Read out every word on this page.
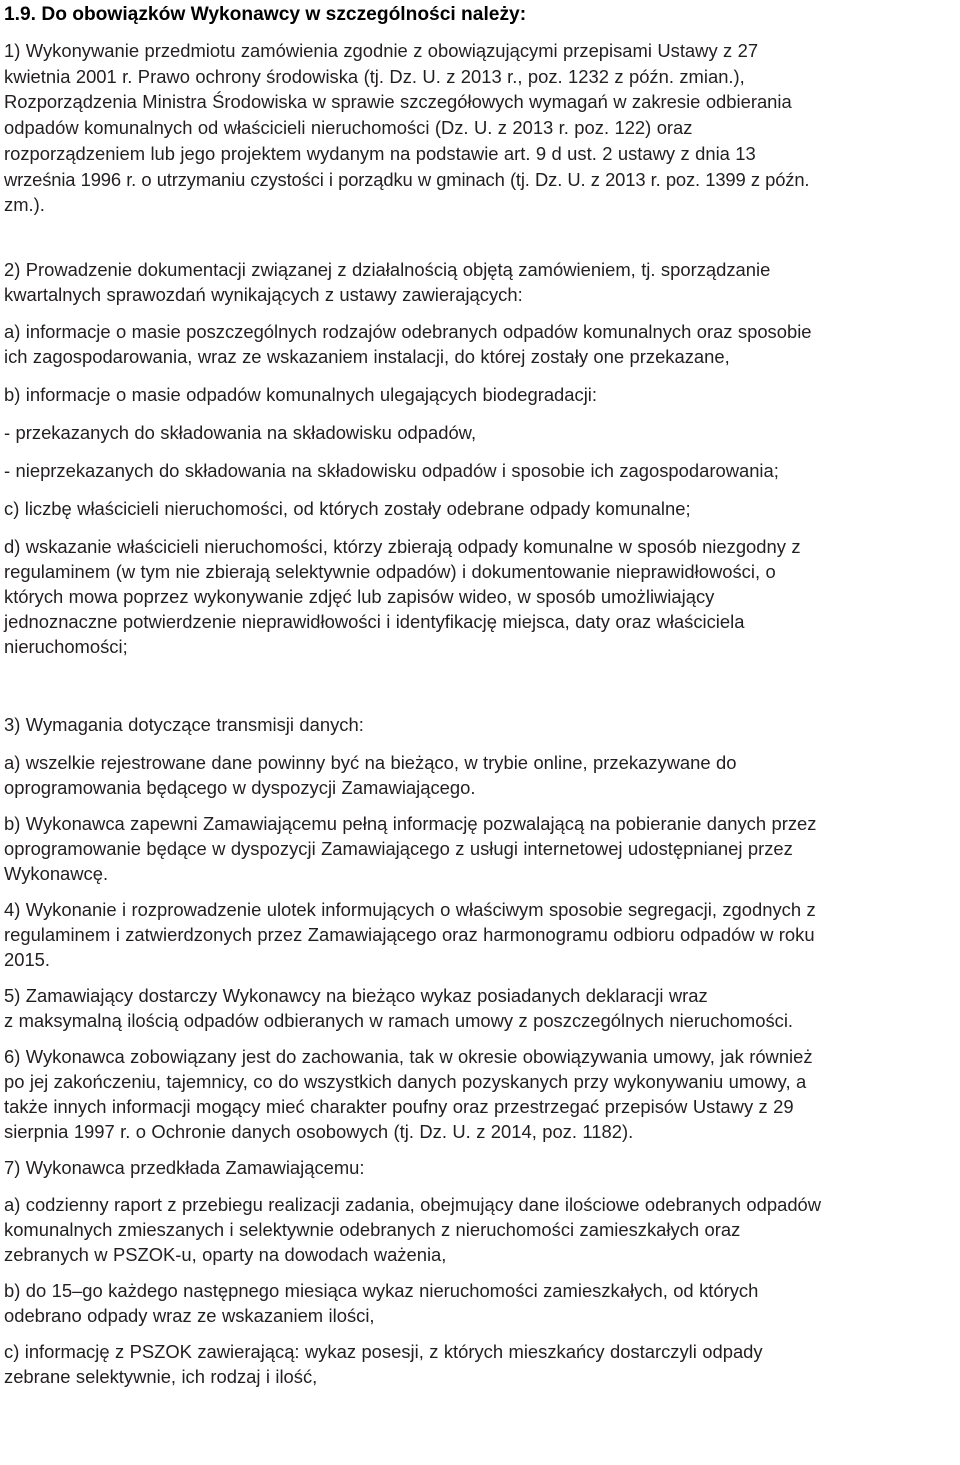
1.9. Do obowiązków Wykonawcy w szczególności należy:

1) Wykonywanie przedmiotu zamówienia zgodnie z obowiązującymi przepisami Ustawy z 27

kwietnia 2001 r. Prawo ochrony środowiska (tj. Dz. U. z 2013 r., poz. 1232 z późn. zmian.),

Rozporządzenia Ministra Środowiska w sprawie szczegółowych wymagań w zakresie odbierania

odpadów komunalnych od właścicieli nieruchomości (Dz. U. z 2013 r. poz. 122) oraz

rozporządzeniem lub jego projektem wydanym na podstawie art. 9 d ust. 2 ustawy z dnia 13

września 1996 r. o utrzymaniu czystości i porządku w gminach (tj. Dz. U. z 2013 r. poz. 1399 z późn.

zm.).

2) Prowadzenie dokumentacji związanej z działalnością objętą zamówieniem, tj. sporządzanie

kwartalnych sprawozdań wynikających z ustawy zawierających:

a) informacje o masie poszczególnych rodzajów odebranych odpadów komunalnych oraz sposobie

ich zagospodarowania, wraz ze wskazaniem instalacji, do której zostały one przekazane,

b) informacje o masie odpadów komunalnych ulegających biodegradacji:

- przekazanych do składowania na składowisku odpadów,

- nieprzekazanych do składowania na składowisku odpadów i sposobie ich zagospodarowania;

c) liczbę właścicieli nieruchomości, od których zostały odebrane odpady komunalne;

d) wskazanie właścicieli nieruchomości, którzy zbierają odpady komunalne w sposób niezgodny z

regulaminem (w tym nie zbierają selektywnie odpadów) i dokumentowanie nieprawidłowości, o

których mowa poprzez wykonywanie zdjęć lub zapisów wideo, w sposób umożliwiający

jednoznaczne potwierdzenie nieprawidłowości i identyfikację miejsca, daty oraz właściciela

nieruchomości;

3) Wymagania dotyczące transmisji danych:

a) wszelkie rejestrowane dane powinny być na bieżąco, w trybie online, przekazywane do

oprogramowania będącego w dyspozycji Zamawiającego.

b) Wykonawca zapewni Zamawiającemu pełną informację pozwalającą na pobieranie danych przez

oprogramowanie będące w dyspozycji Zamawiającego z usługi internetowej udostępnianej przez

Wykonawcę.

4) Wykonanie i rozprowadzenie ulotek informujących o właściwym sposobie segregacji, zgodnych z

regulaminem i zatwierdzonych przez Zamawiającego oraz harmonogramu odbioru odpadów w roku

2015.

5) Zamawiający dostarczy Wykonawcy na bieżąco wykaz posiadanych deklaracji wraz

z maksymalną ilością odpadów odbieranych w ramach umowy z poszczególnych nieruchomości.

6) Wykonawca zobowiązany jest do zachowania, tak w okresie obowiązywania umowy, jak również

po jej zakończeniu, tajemnicy, co do wszystkich danych pozyskanych przy wykonywaniu umowy, a

także innych informacji mogący mieć charakter poufny oraz przestrzegać przepisów Ustawy z 29

sierpnia 1997 r. o Ochronie danych osobowych (tj. Dz. U. z 2014, poz. 1182).

7) Wykonawca przedkłada Zamawiającemu:

a) codzienny raport z przebiegu realizacji zadania, obejmujący dane ilościowe odebranych odpadów

komunalnych zmieszanych i selektywnie odebranych z nieruchomości zamieszkałych oraz

zebranych w PSZOK-u, oparty na dowodach ważenia,

b) do 15–go każdego następnego miesiąca wykaz nieruchomości zamieszkałych, od których

odebrano odpady wraz ze wskazaniem ilości,

c) informację z PSZOK zawierającą: wykaz posesji, z których mieszkańcy dostarczyli odpady

zebrane selektywnie, ich rodzaj i ilość,
